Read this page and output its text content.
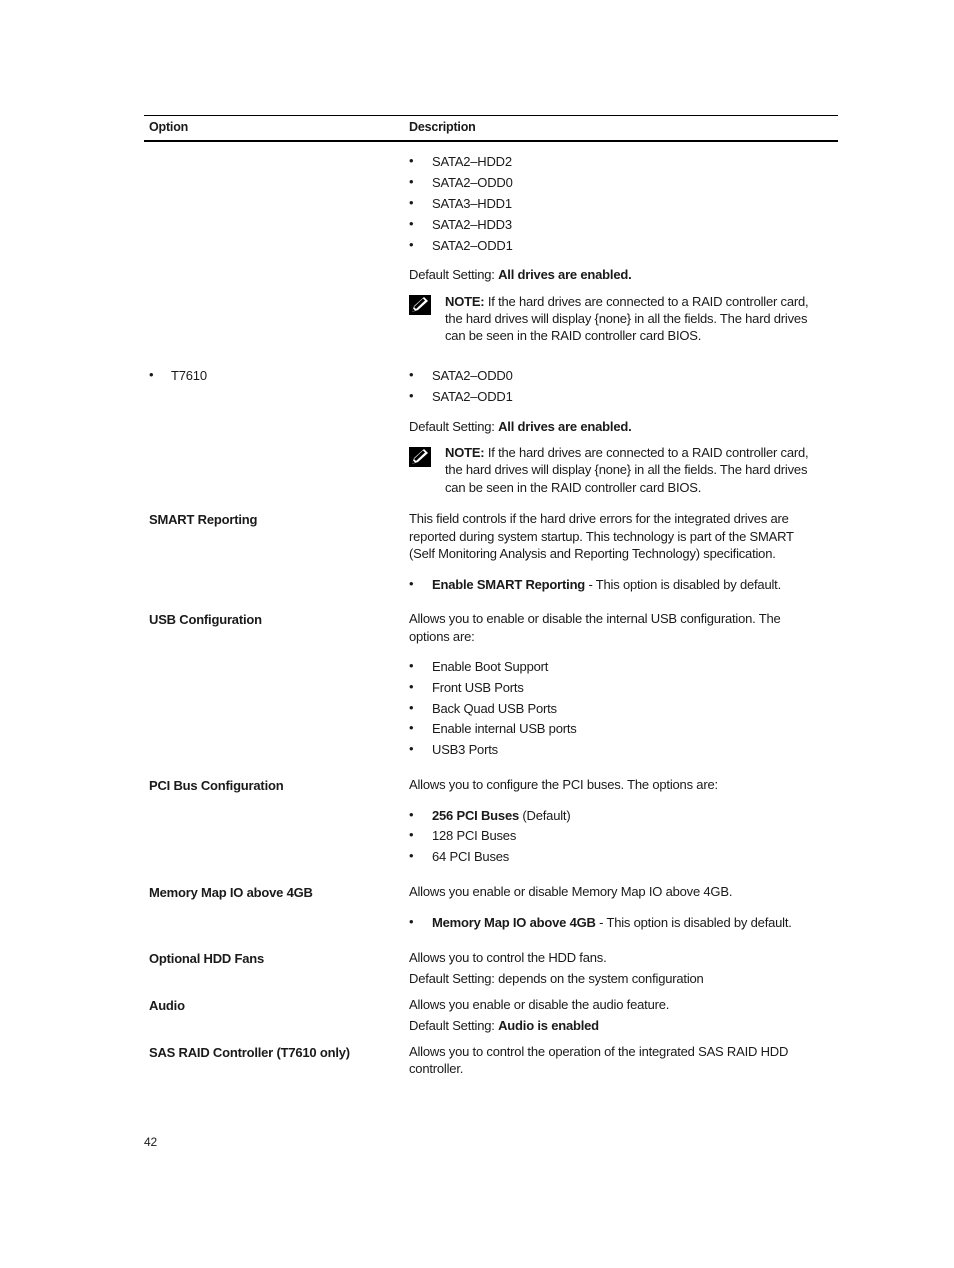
Option	Description
• SATA2–HDD2
• SATA2–ODD0
• SATA3–HDD1
• SATA2–HDD3
• SATA2–ODD1
Default Setting: All drives are enabled.
NOTE: If the hard drives are connected to a RAID controller card,
the hard drives will display {none} in all the fields. The hard drives
can be seen in the RAID controller card BIOS.
• T7610	• SATA2–ODD0
• SATA2–ODD1
Default Setting: All drives are enabled.
NOTE: If the hard drives are connected to a RAID controller card,
the hard drives will display {none} in all the fields. The hard drives
can be seen in the RAID controller card BIOS.
SMART Reporting	This field controls if the hard drive errors for the integrated drives are
reported during system startup. This technology is part of the SMART
(Self Monitoring Analysis and Reporting Technology) specification.
• Enable SMART Reporting - This option is disabled by default.
USB Configuration	Allows you to enable or disable the internal USB configuration. The
options are:
• Enable Boot Support
• Front USB Ports
• Back Quad USB Ports
• Enable internal USB ports
• USB3 Ports
PCI Bus Configuration	Allows you to configure the PCI buses. The options are:
• 256 PCI Buses (Default)
• 128 PCI Buses
• 64 PCI Buses
Memory Map IO above 4GB	Allows you enable or disable Memory Map IO above 4GB.
• Memory Map IO above 4GB - This option is disabled by default.
Optional HDD Fans	Allows you to control the HDD fans.
Default Setting: depends on the system configuration
Audio	Allows you enable or disable the audio feature.
Default Setting: Audio is enabled
SAS RAID Controller (T7610 only)	Allows you to control the operation of the integrated SAS RAID HDD
controller.
42
